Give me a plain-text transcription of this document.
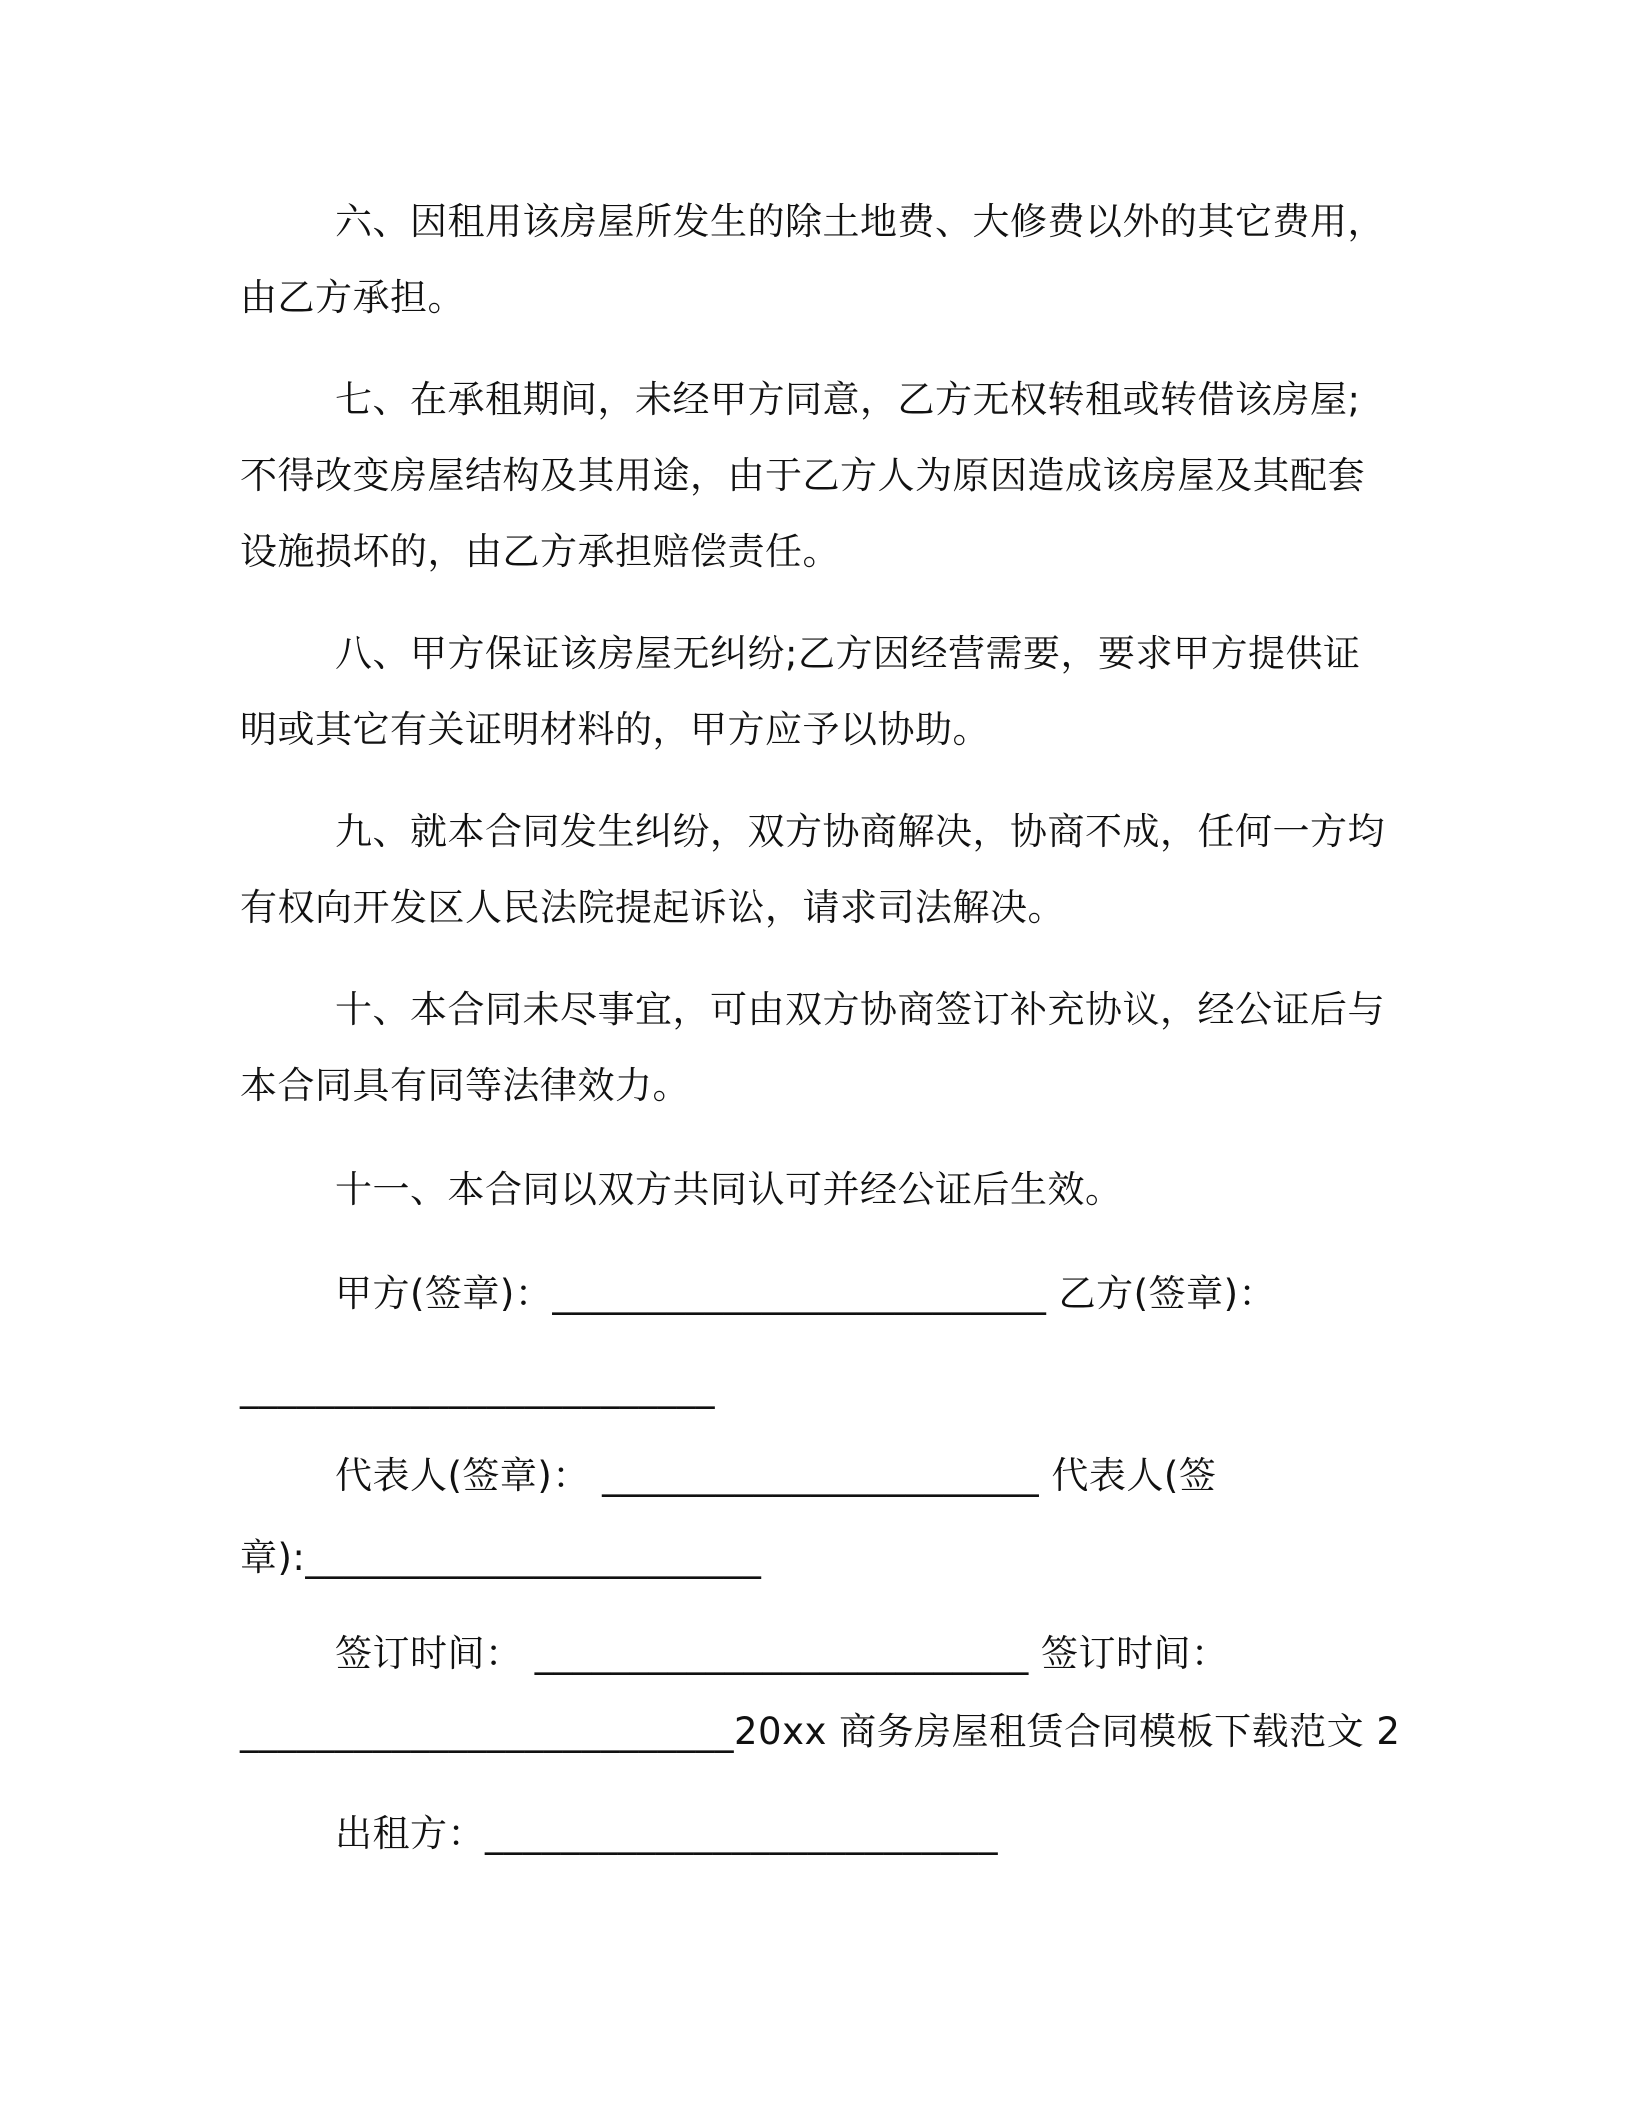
六、因租用该房屋所发生的除土地费、大修费以外的其它费用，
由乙方承担。
七、在承租期间，未经甲方同意，乙方无权转租或转借该房屋;
不得改变房屋结构及其用途，由于乙方人为原因造成该房屋及其配套
设施损坏的，由乙方承担赔偿责任。
八、甲方保证该房屋无纠纷;乙方因经营需要，要求甲方提供证
明或其它有关证明材料的，甲方应予以协助。
九、就本合同发生纠纷，双方协商解决，协商不成，任何一方均
有权向开发区人民法院提起诉讼，请求司法解决。
十、本合同未尽事宜，可由双方协商签订补充协议，经公证后与
本合同具有同等法律效力。
十一、本合同以双方共同认可并经公证后生效。
甲方(签章)：__________________________ 乙方(签章)：
_________________________
代表人(签章)： _______________________ 代表人(签
章):________________________
签订时间： __________________________ 签订时间：
__________________________20xx 商务房屋租赁合同模板下载范文 2
出租方：___________________________
